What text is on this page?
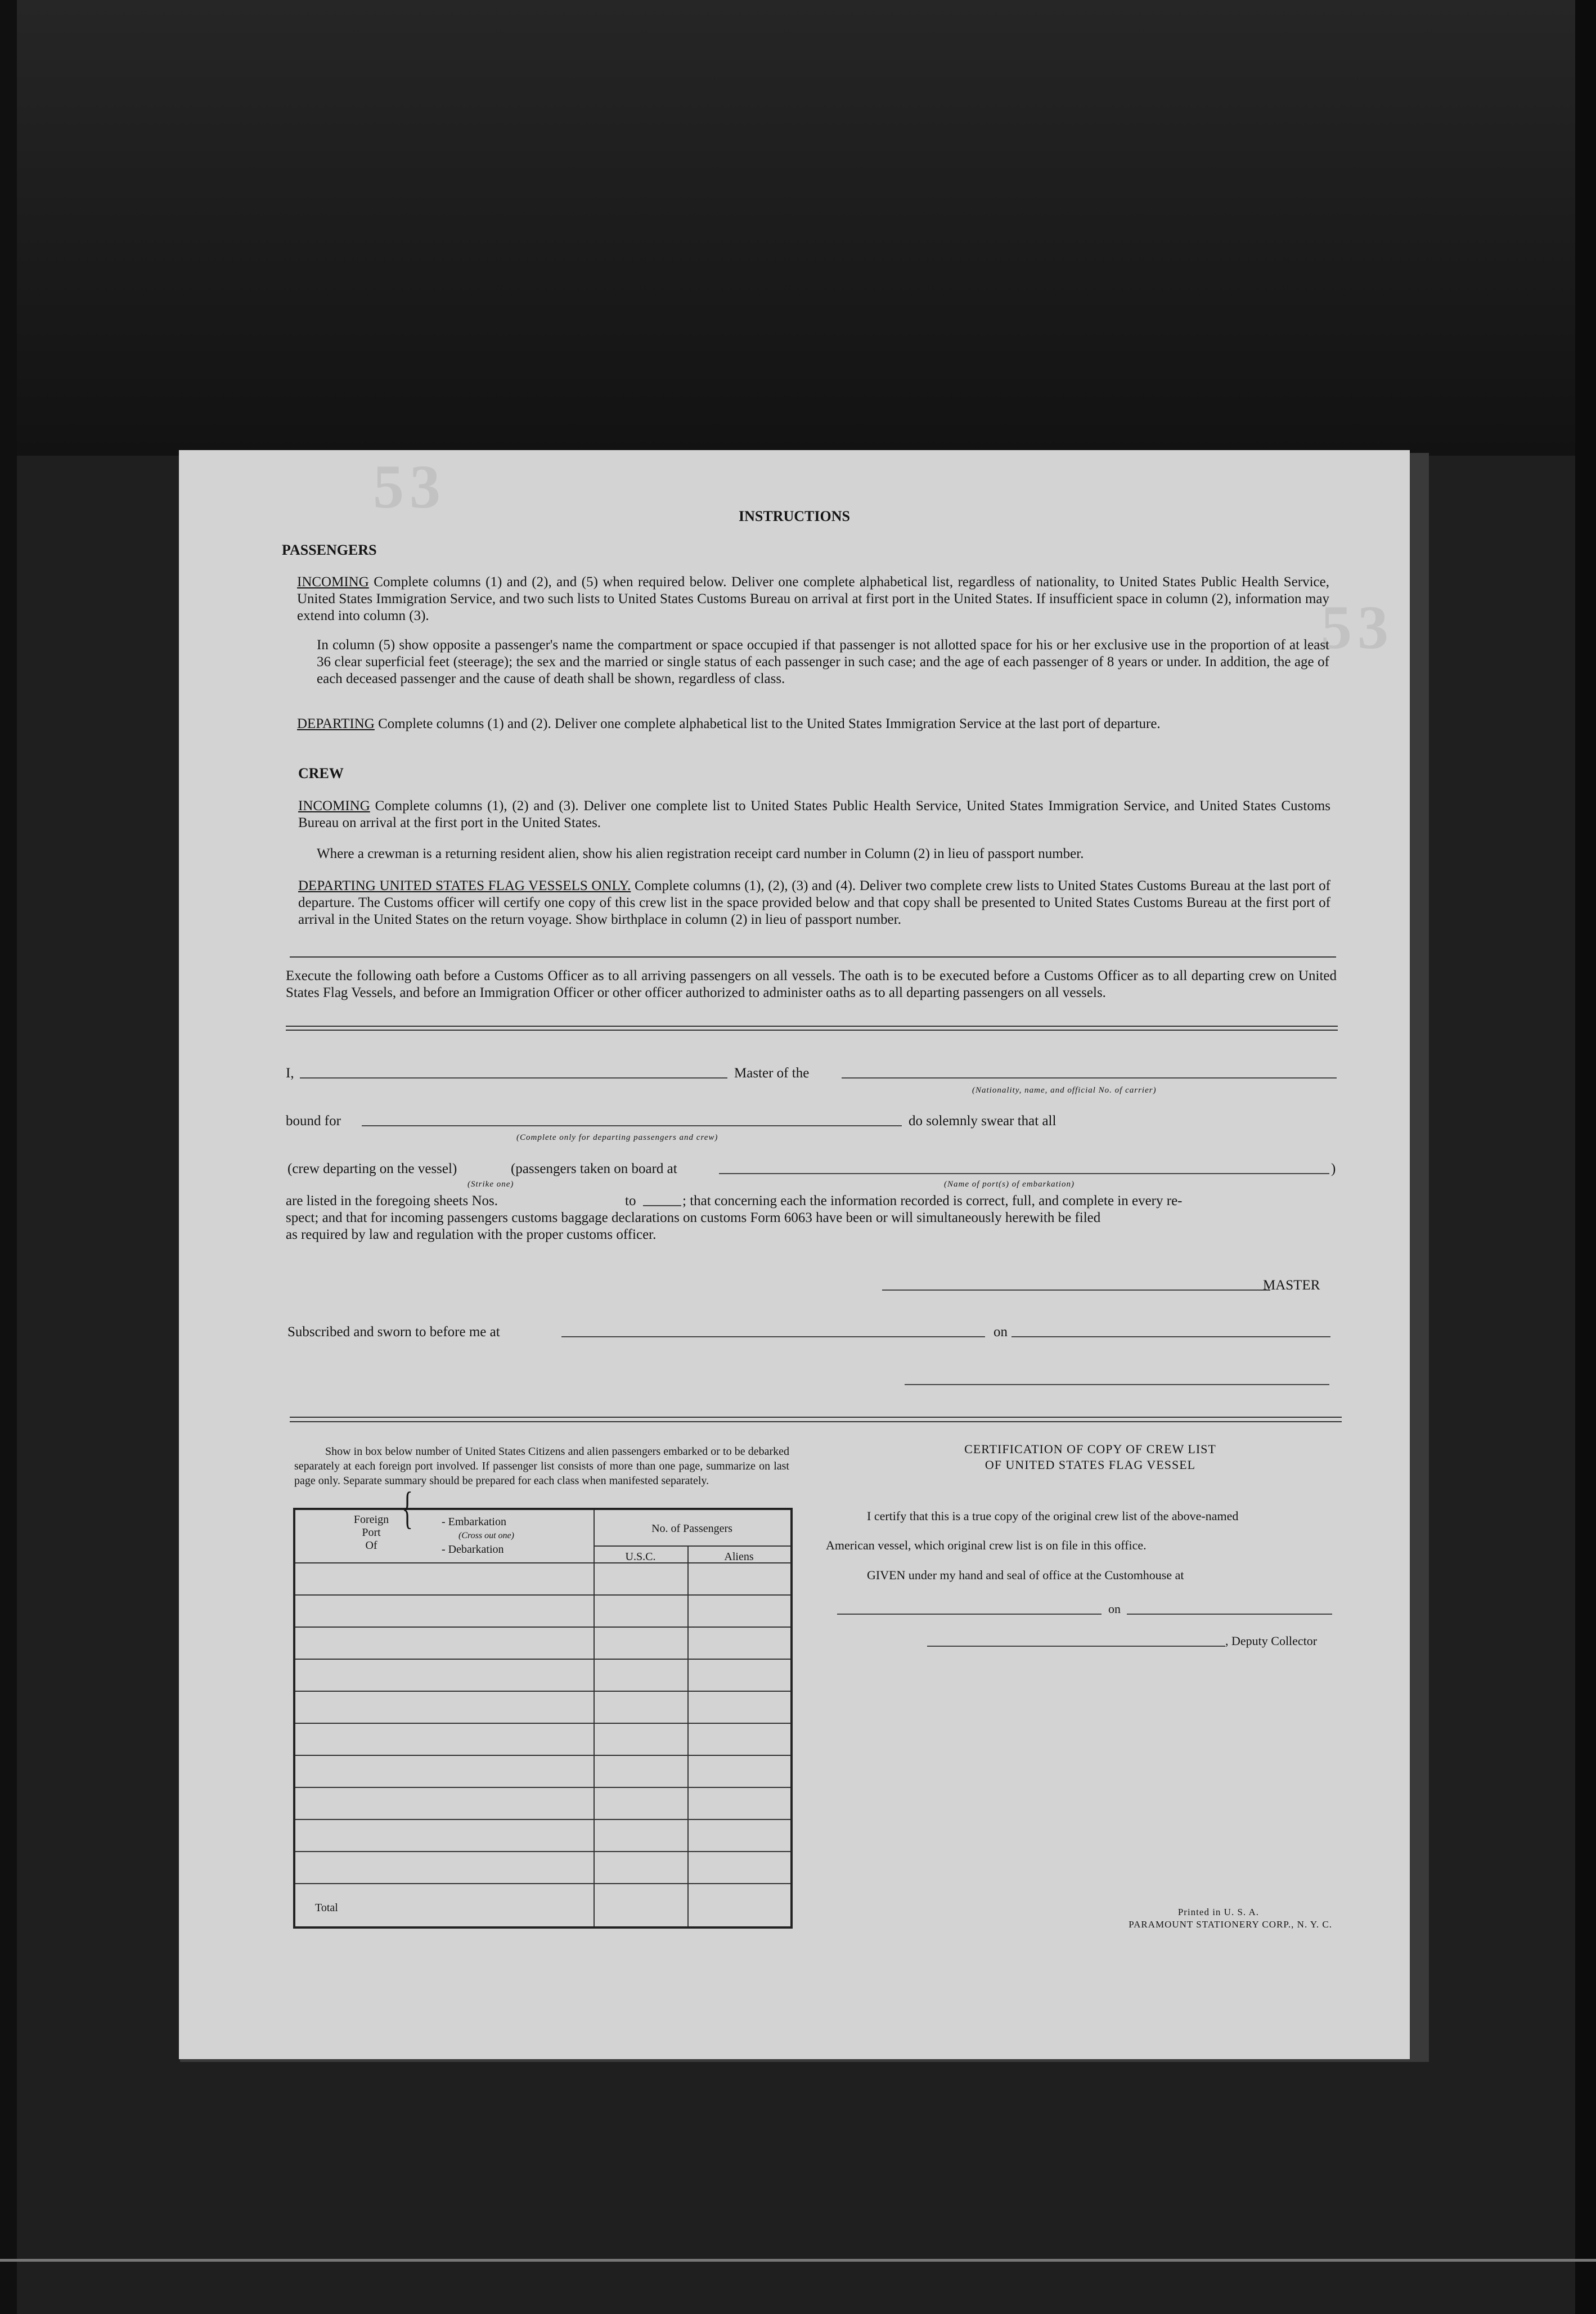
53
53
INSTRUCTIONS
PASSENGERS
INCOMING Complete columns (1) and (2), and (5) when required below. Deliver one complete alphabetical list, regardless of nationality, to United States Public Health Service, United States Immigration Service, and two such lists to United States Customs Bureau on arrival at first port in the United States. If insufficient space in column (2), information may extend into column (3).
In column (5) show opposite a passenger's name the compartment or space occupied if that passenger is not allotted space for his or her exclusive use in the proportion of at least 36 clear superficial feet (steerage); the sex and the married or single status of each passenger in such case; and the age of each passenger of 8 years or under. In addition, the age of each deceased passenger and the cause of death shall be shown, regardless of class.
DEPARTING Complete columns (1) and (2). Deliver one complete alphabetical list to the United States Immigration Service at the last port of departure.
CREW
INCOMING Complete columns (1), (2) and (3). Deliver one complete list to United States Public Health Service, United States Immigration Service, and United States Customs Bureau on arrival at the first port in the United States.
Where a crewman is a returning resident alien, show his alien registration receipt card number in Column (2) in lieu of passport number.
DEPARTING UNITED STATES FLAG VESSELS ONLY. Complete columns (1), (2), (3) and (4). Deliver two complete crew lists to United States Customs Bureau at the last port of departure. The Customs officer will certify one copy of this crew list in the space provided below and that copy shall be presented to United States Customs Bureau at the first port of arrival in the United States on the return voyage. Show birthplace in column (2) in lieu of passport number.
Execute the following oath before a Customs Officer as to all arriving passengers on all vessels. The oath is to be executed before a Customs Officer as to all departing crew on United States Flag Vessels, and before an Immigration Officer or other officer authorized to administer oaths as to all departing passengers on all vessels.
I,	Master of the
(Nationality, name, and official No. of carrier)
bound for
(Complete only for departing passengers and crew)
do solemnly swear that all
(crew departing on the vessel)	(passengers taken on board at	)
(Strike one)	(Name of port(s) of embarkation)
are listed in the foregoing sheets Nos.	to	; that concerning each the information recorded is correct, full, and complete in every re-
spect; and that for incoming passengers customs baggage declarations on customs Form 6063 have been or will simultaneously herewith be filed
as required by law and regulation with the proper customs officer.
MASTER
Subscribed and sworn to before me at	on
Show in box below number of United States Citizens and alien passengers embarked or to be debarked separately at each foreign port involved. If passenger list consists of more than one page, summarize on last page only. Separate summary should be prepared for each class when manifested separately.
Foreign
Port
Of
{	- Embarkation
(Cross out one)
- Debarkation
No. of Passengers
U.S.C.	Aliens
Total
CERTIFICATION OF COPY OF CREW LIST
OF UNITED STATES FLAG VESSEL
I certify that this is a true copy of the original crew list of the above-named
American vessel, which original crew list is on file in this office.
GIVEN under my hand and seal of office at the Customhouse at
on
, Deputy Collector
Printed in U. S. A.
PARAMOUNT STATIONERY CORP., N. Y. C.
